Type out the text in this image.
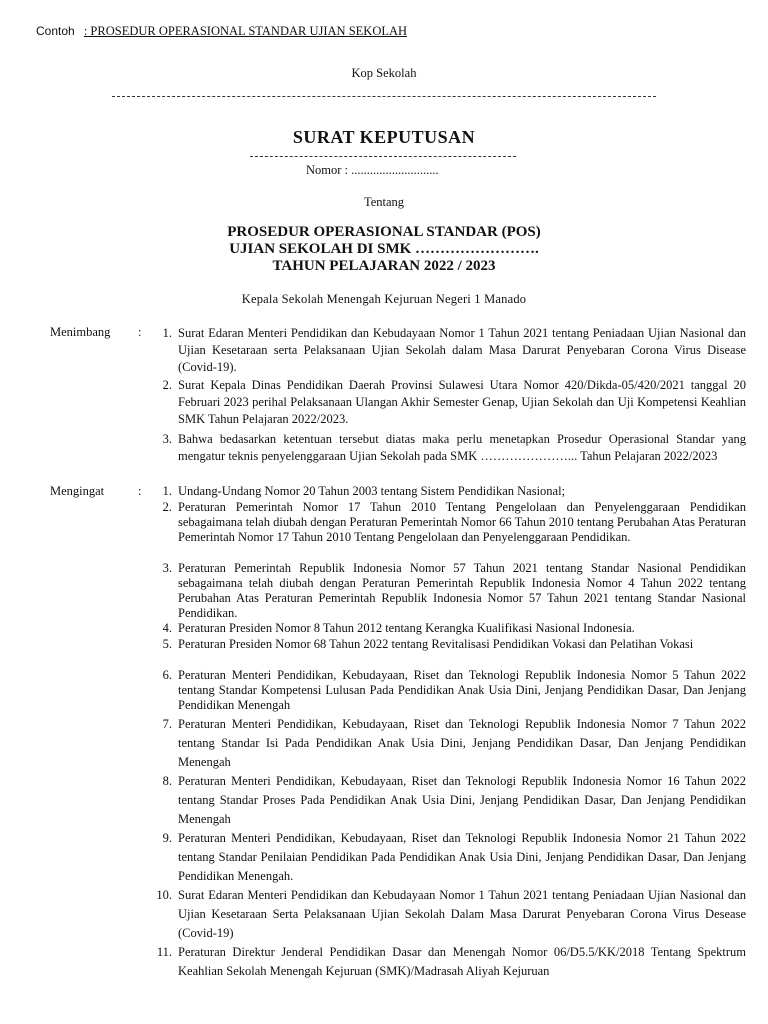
Contoh : PROSEDUR OPERASIONAL STANDAR UJIAN SEKOLAH
Kop Sekolah
SURAT KEPUTUSAN
Nomor : ............................
Tentang
PROSEDUR OPERASIONAL STANDAR (POS)
UJIAN SEKOLAH DI SMK …………………….
TAHUN PELAJARAN 2022 / 2023
Kepala Sekolah Menengah Kejuruan Negeri 1 Manado
Menimbang :	1. Surat Edaran Menteri Pendidikan dan Kebudayaan Nomor 1 Tahun 2021 tentang Peniadaan Ujian Nasional dan Ujian Kesetaraan serta Pelaksanaan Ujian Sekolah dalam Masa Darurat Penyebaran Corona Virus Disease (Covid-19).
2. Surat Kepala Dinas Pendidikan Daerah Provinsi Sulawesi Utara Nomor 420/Dikda-05/420/2021 tanggal 20 Februari 2023 perihal Pelaksanaan Ulangan Akhir Semester Genap, Ujian Sekolah dan Uji Kompetensi Keahlian SMK Tahun Pelajaran 2022/2023.
3. Bahwa bedasarkan ketentuan tersebut diatas maka perlu menetapkan Prosedur Operasional Standar yang mengatur teknis penyelenggaraan Ujian Sekolah pada SMK …………………... Tahun Pelajaran 2022/2023
Mengingat	:	1. Undang-Undang Nomor 20 Tahun 2003 tentang Sistem Pendidikan Nasional;
2. Peraturan Pemerintah Nomor 17 Tahun 2010 Tentang Pengelolaan dan Penyelenggaraan Pendidikan sebagaimana telah diubah dengan Peraturan Pemerintah Nomor 66 Tahun 2010 tentang Perubahan Atas Peraturan Pemerintah Nomor 17 Tahun 2010 Tentang Pengelolaan dan Penyelenggaraan Pendidikan.
3. Peraturan Pemerintah Republik Indonesia Nomor 57 Tahun 2021 tentang Standar Nasional Pendidikan sebagaimana telah diubah dengan Peraturan Pemerintah Republik Indonesia Nomor 4 Tahun 2022 tentang Perubahan Atas Peraturan Pemerintah Republik Indonesia Nomor 57 Tahun 2021 tentang Standar Nasional Pendidikan.
4. Peraturan Presiden Nomor 8 Tahun 2012 tentang Kerangka Kualifikasi Nasional Indonesia.
5. Peraturan Presiden Nomor 68 Tahun 2022 tentang Revitalisasi Pendidikan Vokasi dan Pelatihan Vokasi
6. Peraturan Menteri Pendidikan, Kebudayaan, Riset dan Teknologi Republik Indonesia Nomor 5 Tahun 2022 tentang Standar Kompetensi Lulusan Pada Pendidikan Anak Usia Dini, Jenjang Pendidikan Dasar, Dan Jenjang Pendidikan Menengah
7. Peraturan Menteri Pendidikan, Kebudayaan, Riset dan Teknologi Republik Indonesia Nomor 7 Tahun 2022 tentang Standar Isi Pada Pendidikan Anak Usia Dini, Jenjang Pendidikan Dasar, Dan Jenjang Pendidikan Menengah
8. Peraturan Menteri Pendidikan, Kebudayaan, Riset dan Teknologi Republik Indonesia Nomor 16 Tahun 2022 tentang Standar Proses Pada Pendidikan Anak Usia Dini, Jenjang Pendidikan Dasar, Dan Jenjang Pendidikan Menengah
9. Peraturan Menteri Pendidikan, Kebudayaan, Riset dan Teknologi Republik Indonesia Nomor 21 Tahun 2022 tentang Standar Penilaian Pendidikan Pada Pendidikan Anak Usia Dini, Jenjang Pendidikan Dasar, Dan Jenjang Pendidikan Menengah.
10. Surat Edaran Menteri Pendidikan dan Kebudayaan Nomor 1 Tahun 2021 tentang Peniadaan Ujian Nasional dan Ujian Kesetaraan Serta Pelaksanaan Ujian Sekolah Dalam Masa Darurat Penyebaran Corona Virus Desease (Covid-19)
11. Peraturan Direktur Jenderal Pendidikan Dasar dan Menengah Nomor 06/D5.5/KK/2018 Tentang Spektrum Keahlian Sekolah Menengah Kejuruan (SMK)/Madrasah Aliyah Kejuruan
